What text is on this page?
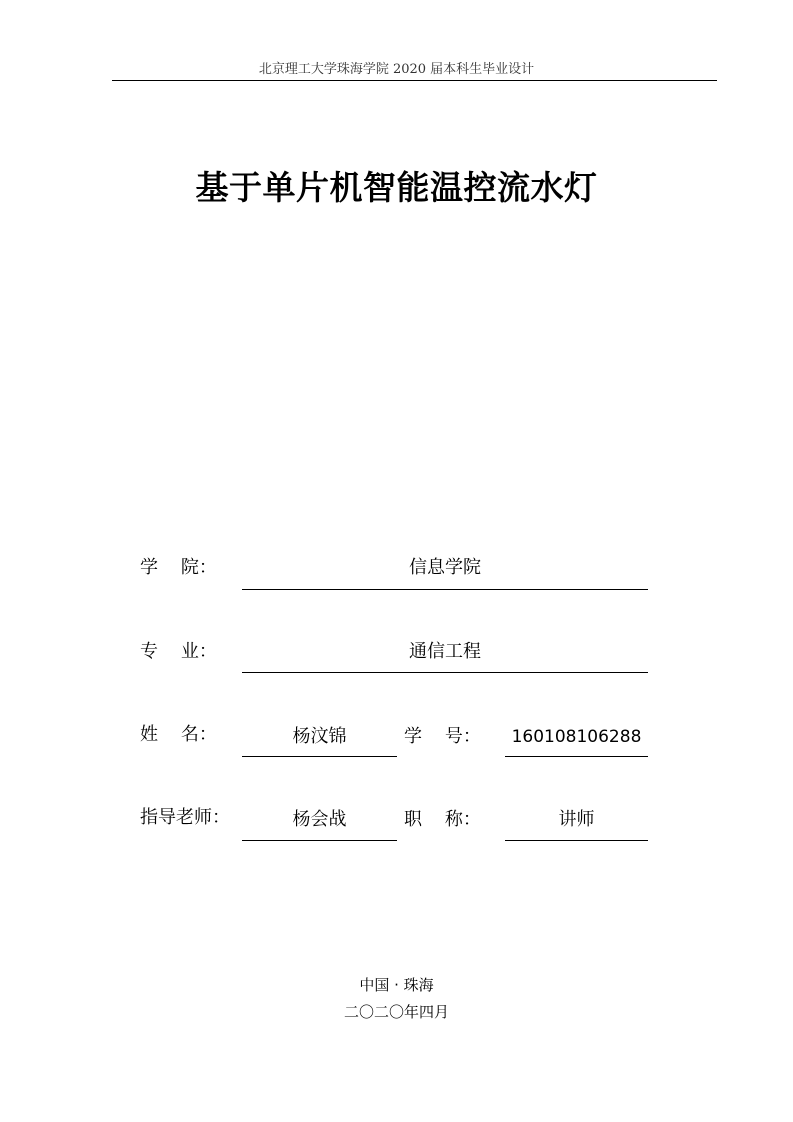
北京理工大学珠海学院 2020 届本科生毕业设计
基于单片机智能温控流水灯
学    院：	信息学院
专    业：	通信工程
姓    名：	杨汶锦	学    号：	160108106288
指导老师：	杨会战	职    称：	讲师
中国 · 珠海
二〇二〇年四月
